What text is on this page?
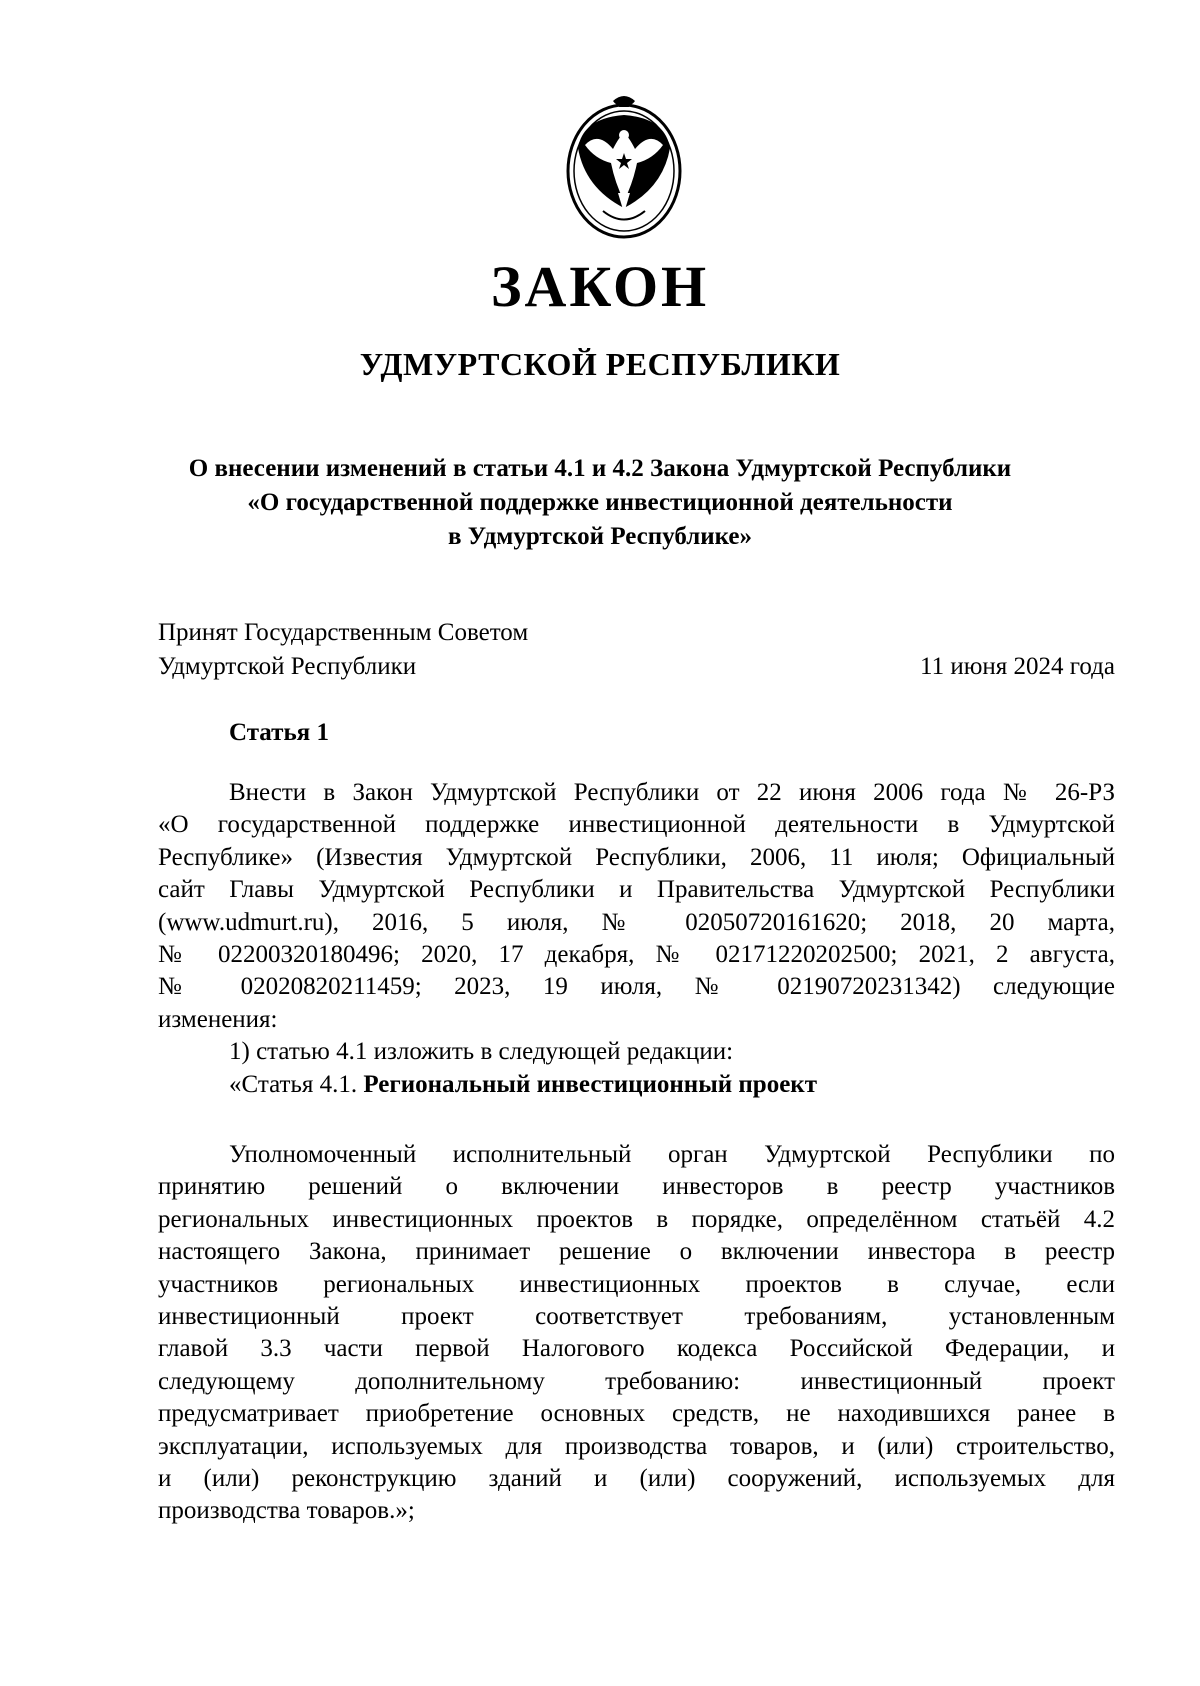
ЗАКОН
УДМУРТСКОЙ РЕСПУБЛИКИ
О внесении изменений в статьи 4.1 и 4.2 Закона Удмуртской Республики
«О государственной поддержке инвестиционной деятельности
в Удмуртской Республике»
Принят Государственным Советом
Удмуртской Республики	11 июня 2024 года
Статья 1
Внести в Закон Удмуртской Республики от 22 июня 2006 года № 26-РЗ
«О государственной поддержке инвестиционной деятельности в Удмуртской
Республике» (Известия Удмуртской Республики, 2006, 11 июля; Официальный
сайт Главы Удмуртской Республики и Правительства Удмуртской Республики
(www.udmurt.ru), 2016, 5 июля, № 02050720161620; 2018, 20 марта,
№ 02200320180496; 2020, 17 декабря, № 02171220202500; 2021, 2 августа,
№ 02020820211459; 2023, 19 июля, № 02190720231342) следующие
изменения:
1) статью 4.1 изложить в следующей редакции:
«Статья 4.1. Региональный инвестиционный проект
Уполномоченный исполнительный орган Удмуртской Республики по
принятию решений о включении инвесторов в реестр участников
региональных инвестиционных проектов в порядке, определённом статьёй 4.2
настоящего Закона, принимает решение о включении инвестора в реестр
участников региональных инвестиционных проектов в случае, если
инвестиционный проект соответствует требованиям, установленным
главой 3.3 части первой Налогового кодекса Российской Федерации, и
следующему дополнительному требованию: инвестиционный проект
предусматривает приобретение основных средств, не находившихся ранее в
эксплуатации, используемых для производства товаров, и (или) строительство,
и (или) реконструкцию зданий и (или) сооружений, используемых для
производства товаров.»;
